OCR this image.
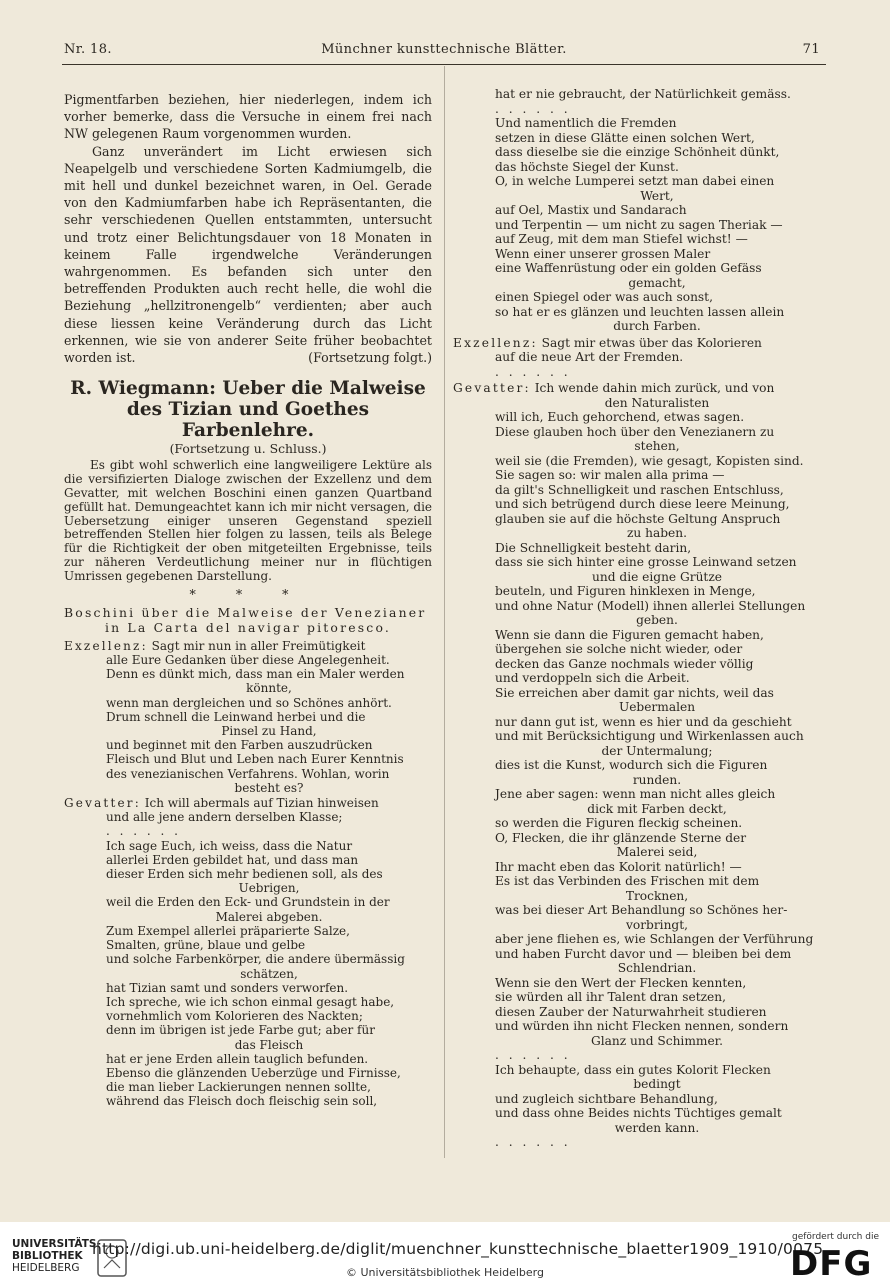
Nr. 18.	Münchner kunsttechnische Blätter.	71
Pigmentfarben beziehen, hier niederlegen, indem ich vorher bemerke, dass die Versuche in einem frei nach NW gelegenen Raum vorgenommen wurden.
Ganz unverändert im Licht erwiesen sich Neapelgelb und verschiedene Sorten Kadmiumgelb, die mit hell und dunkel bezeichnet waren, in Oel. Gerade von den Kadmiumfarben habe ich Repräsentanten, die sehr verschiedenen Quellen entstammten, untersucht und trotz einer Belichtungsdauer von 18 Monaten in keinem Falle irgendwelche Veränderungen wahrgenommen. Es befanden sich unter den betreffenden Produkten auch recht helle, die wohl die Beziehung „hellzitronengelb“ verdienten; aber auch diese liessen keine Veränderung durch das Licht erkennen, wie sie von anderer Seite früher beobachtet worden ist.	(Fortsetzung folgt.)
R. Wiegmann: Ueber die Malweise des Tizian und Goethes Farbenlehre.
(Fortsetzung u. Schluss.)
Es gibt wohl schwerlich eine langweiligere Lektüre als die versifizierten Dialoge zwischen der Exzellenz und dem Gevatter, mit welchen Boschini einen ganzen Quartband gefüllt hat. Demungeachtet kann ich mir nicht versagen, die Uebersetzung einiger unseren Gegenstand speziell betreffenden Stellen hier folgen zu lassen, teils als Belege für die Richtigkeit der oben mitgeteilten Ergebnisse, teils zur näheren Verdeutlichung meiner nur in flüchtigen Umrissen gegebenen Darstellung.
* * *
Boschini über die Malweise der Venezianer
in La Carta del navigar pitoresco.
Exzellenz: Sagt mir nun in aller Freimütigkeit
alle Eure Gedanken über diese Angelegenheit.
Denn es dünkt mich, dass man ein Maler werden
könnte,
wenn man dergleichen und so Schönes anhört.
Drum schnell die Leinwand herbei und die
Pinsel zu Hand,
und beginnet mit den Farben auszudrücken
Fleisch und Blut und Leben nach Eurer Kenntnis
des venezianischen Verfahrens. Wohlan, worin
besteht es?
Gevatter: Ich will abermals auf Tizian hinweisen
und alle jene andern derselben Klasse;
. . . . . .
Ich sage Euch, ich weiss, dass die Natur
allerlei Erden gebildet hat, und dass man
dieser Erden sich mehr bedienen soll, als des
Uebrigen,
weil die Erden den Eck- und Grundstein in der
Malerei abgeben.
Zum Exempel allerlei präparierte Salze,
Smalten, grüne, blaue und gelbe
und solche Farbenkörper, die andere übermässig
schätzen,
hat Tizian samt und sonders verworfen.
Ich spreche, wie ich schon einmal gesagt habe,
vornehmlich vom Kolorieren des Nackten;
denn im übrigen ist jede Farbe gut; aber für
das Fleisch
hat er jene Erden allein tauglich befunden.
Ebenso die glänzenden Ueberzüge und Firnisse,
die man lieber Lackierungen nennen sollte,
während das Fleisch doch fleischig sein soll,
hat er nie gebraucht, der Natürlichkeit gemäss.
. . . . . .
Und namentlich die Fremden
setzen in diese Glätte einen solchen Wert,
dass dieselbe sie die einzige Schönheit dünkt,
das höchste Siegel der Kunst.
O, in welche Lumperei setzt man dabei einen
Wert,
auf Oel, Mastix und Sandarach
und Terpentin — um nicht zu sagen Theriak —
auf Zeug, mit dem man Stiefel wichst! —
Wenn einer unserer grossen Maler
eine Waffenrüstung oder ein golden Gefäss
gemacht,
einen Spiegel oder was auch sonst,
so hat er es glänzen und leuchten lassen allein
durch Farben.
Exzellenz: Sagt mir etwas über das Kolorieren
auf die neue Art der Fremden.
. . . . . .
Gevatter: Ich wende dahin mich zurück, und von
den Naturalisten
will ich, Euch gehorchend, etwas sagen.
Diese glauben hoch über den Venezianern zu
stehen,
weil sie (die Fremden), wie gesagt, Kopisten sind.
Sie sagen so: wir malen alla prima —
da gilt's Schnelligkeit und raschen Entschluss,
und sich betrügend durch diese leere Meinung,
glauben sie auf die höchste Geltung Anspruch
zu haben.
Die Schnelligkeit besteht darin,
dass sie sich hinter eine grosse Leinwand setzen
und die eigne Grütze
beuteln, und Figuren hinklexen in Menge,
und ohne Natur (Modell) ihnen allerlei Stellungen
geben.
Wenn sie dann die Figuren gemacht haben,
übergehen sie solche nicht wieder, oder
decken das Ganze nochmals wieder völlig
und verdoppeln sich die Arbeit.
Sie erreichen aber damit gar nichts, weil das
Uebermalen
nur dann gut ist, wenn es hier und da geschieht
und mit Berücksichtigung und Wirkenlassen auch
der Untermalung;
dies ist die Kunst, wodurch sich die Figuren
runden.
Jene aber sagen: wenn man nicht alles gleich
dick mit Farben deckt,
so werden die Figuren fleckig scheinen.
O, Flecken, die ihr glänzende Sterne der
Malerei seid,
Ihr macht eben das Kolorit natürlich! —
Es ist das Verbinden des Frischen mit dem
Trocknen,
was bei dieser Art Behandlung so Schönes her-
vorbringt,
aber jene fliehen es, wie Schlangen der Verführung
und haben Furcht davor und — bleiben bei dem
Schlendrian.
Wenn sie den Wert der Flecken kennten,
sie würden all ihr Talent dran setzen,
diesen Zauber der Naturwahrheit studieren
und würden ihn nicht Flecken nennen, sondern
Glanz und Schimmer.
. . . . . .
Ich behaupte, dass ein gutes Kolorit Flecken
bedingt
und zugleich sichtbare Behandlung,
und dass ohne Beides nichts Tüchtiges gemalt
werden kann.
. . . . . .
UNIVERSITÄTS-
BIBLIOTHEK
HEIDELBERG
http://digi.ub.uni-heidelberg.de/diglit/muenchner_kunsttechnische_blaetter1909_1910/0075
© Universitätsbibliothek Heidelberg
gefördert durch die
DFG
